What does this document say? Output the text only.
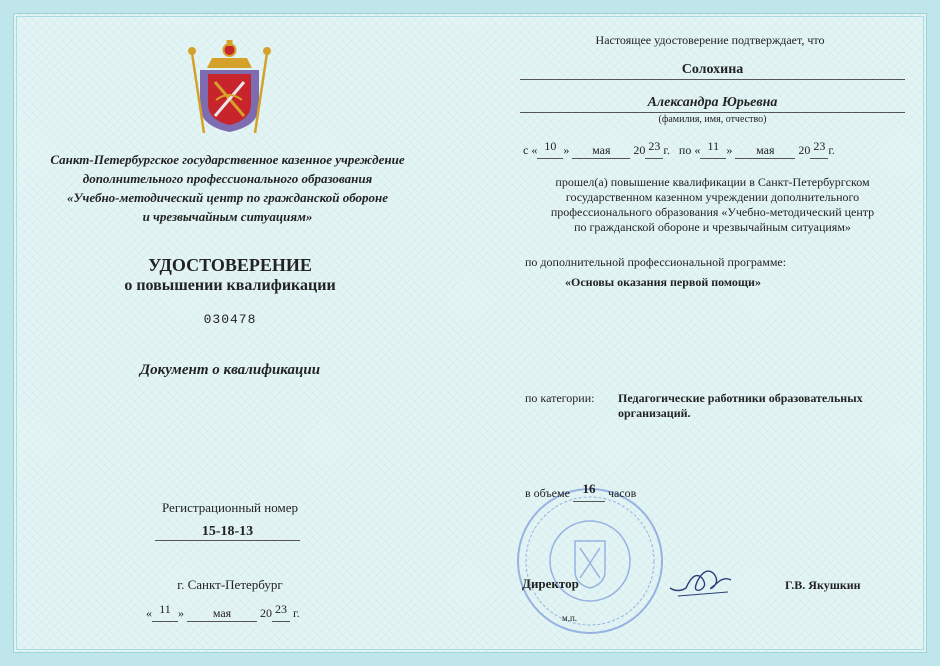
Санкт-Петербургское государственное казенное учреждение
дополнительного профессионального образования
«Учебно-методический центр по гражданской обороне
и чрезвычайным ситуациям»
УДОСТОВЕРЕНИЕ
о повышении квалификации
030478
Документ о квалификации
Регистрационный номер
15-18-13
г. Санкт-Петербург
« 11 » мая 20 23 г.
Настоящее удостоверение подтверждает, что
Солохина
Александра Юрьевна
(фамилия, имя, отчество)
с « 10 » мая 20 23 г. по « 11 » мая 20 23 г.
прошел(а) повышение квалификации в Санкт-Петербургском
государственном казенном учреждении дополнительного
профессионального образования «Учебно-методический центр
по гражданской обороне и чрезвычайным ситуациям»
по дополнительной профессиональной программе:
«Основы оказания первой помощи»
по категории: Педагогические работники образовательных
организаций.
в объеме 16 часов
Директор
м.п.
Г.В. Якушкин
